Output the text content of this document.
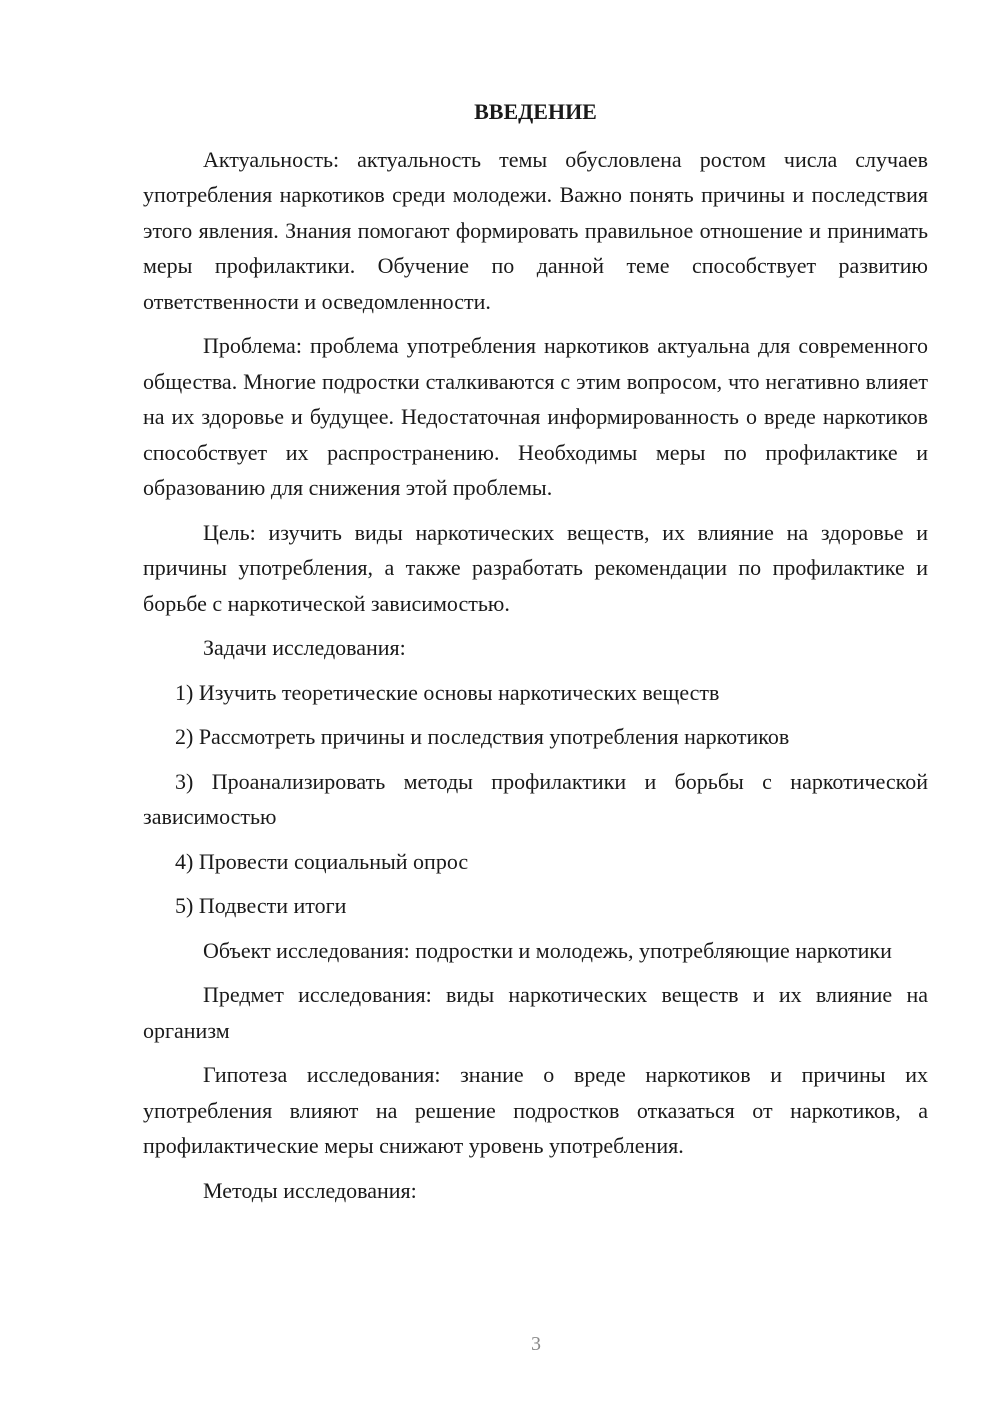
ВВЕДЕНИЕ

Актуальность: актуальность темы обусловлена ростом числа случаев употребления наркотиков среди молодежи. Важно понять причины и последствия этого явления. Знания помогают формировать правильное отношение и принимать меры профилактики. Обучение по данной теме способствует развитию ответственности и осведомленности.

Проблема: проблема употребления наркотиков актуальна для современного общества. Многие подростки сталкиваются с этим вопросом, что негативно влияет на их здоровье и будущее. Недостаточная информированность о вреде наркотиков способствует их распространению. Необходимы меры по профилактике и образованию для снижения этой проблемы.

Цель: изучить виды наркотических веществ, их влияние на здоровье и причины употребления, а также разработать рекомендации по профилактике и борьбе с наркотической зависимостью.

Задачи исследования:

1) Изучить теоретические основы наркотических веществ

2) Рассмотреть причины и последствия употребления наркотиков

3) Проанализировать методы профилактики и борьбы с наркотической зависимостью

4) Провести социальный опрос

5) Подвести итоги

Объект исследования: подростки и молодежь, употребляющие наркотики

Предмет исследования: виды наркотических веществ и их влияние на организм

Гипотеза исследования: знание о вреде наркотиков и причины их употребления влияют на решение подростков отказаться от наркотиков, а профилактические меры снижают уровень употребления.

Методы исследования:

3
